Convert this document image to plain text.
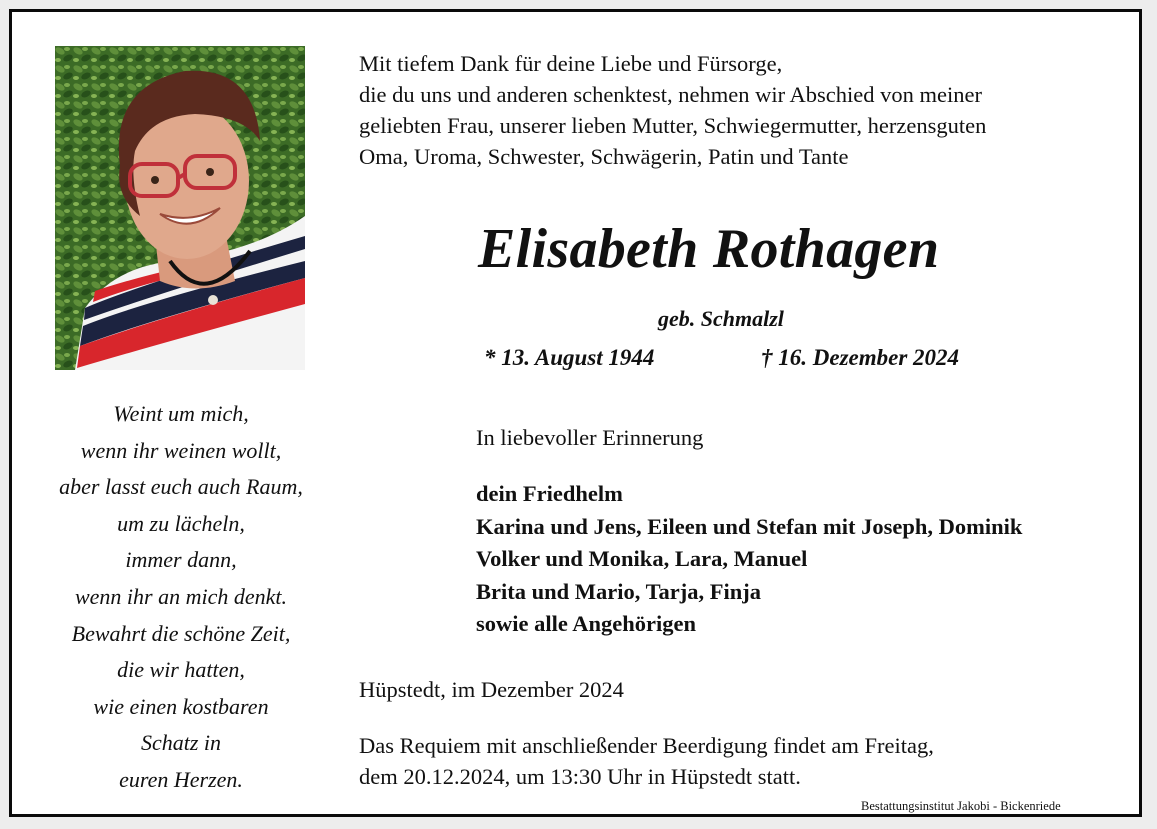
Weint um mich,
wenn ihr weinen wollt,
aber lasst euch auch Raum,
um zu lächeln,
immer dann,
wenn ihr an mich denkt.
Bewahrt die schöne Zeit,
die wir hatten,
wie einen kostbaren
Schatz in
euren Herzen.
Mit tiefem Dank für deine Liebe und Fürsorge,
die du uns und anderen schenktest, nehmen wir Abschied von meiner
geliebten Frau, unserer lieben Mutter, Schwiegermutter, herzensguten
Oma, Uroma, Schwester, Schwägerin, Patin und Tante
Elisabeth Rothagen
geb. Schmalzl
* 13. August 1944	† 16. Dezember 2024
In liebevoller Erinnerung
dein Friedhelm
Karina und Jens, Eileen und Stefan mit Joseph, Dominik
Volker und Monika, Lara, Manuel
Brita und Mario, Tarja, Finja
sowie alle Angehörigen
Hüpstedt, im Dezember 2024
Das Requiem mit anschließender Beerdigung findet am Freitag,
dem 20.12.2024, um 13:30 Uhr in Hüpstedt statt.
Bestattungsinstitut Jakobi - Bickenriede
